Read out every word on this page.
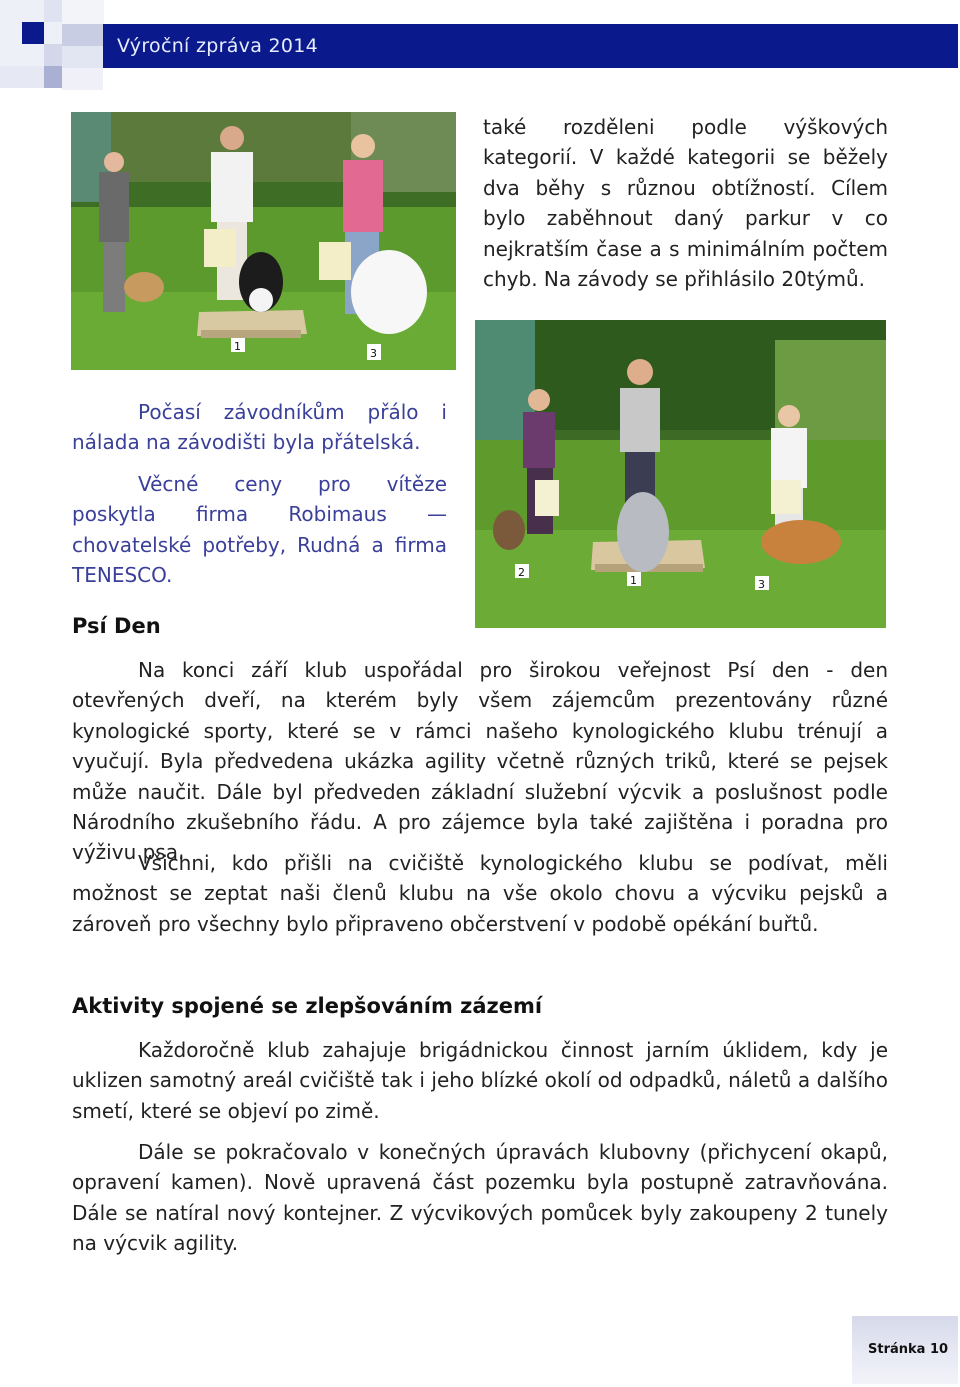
Výroční zpráva 2014
1
3

také rozděleni podle výškových kategorií. V každé kategorii se běžely dva běhy s různou obtížností. Cílem bylo zaběhnout daný parkur v co nejkratším čase a s minimálním počtem chyb. Na závody se přihlásilo 20týmů.

Počasí závodníkům přálo i nálada na závodišti byla přátelská.

Věcné ceny pro vítěze poskytla firma Robimaus — chovatelské potřeby, Rudná a firma TENESCO.	2
1	3
Psí Den

Na konci září klub uspořádal pro širokou veřejnost Psí den - den otevřených dveří, na kterém byly všem zájemcům prezentovány různé kynologické sporty, které se v rámci našeho kynologického klubu trénují a vyučují. Byla předvedena ukázka agility včetně různých triků, které se pejsek může naučit. Dále byl předveden základní služební výcvik a poslušnost podle Národního zkušebního řádu. A pro zájemce byla také zajištěna i poradna pro výživu psa.

Všichni, kdo přišli na cvičiště kynologického klubu se podívat, měli možnost se zeptat naši členů klubu na vše okolo chovu a výcviku pejsků a zároveň pro všechny bylo připraveno občerstvení v podobě opékání buřtů.

Aktivity spojené se zlepšováním zázemí

Každoročně klub zahajuje brigádnickou činnost jarním úklidem, kdy je uklizen samotný areál cvičiště tak i jeho blízké okolí od odpadků, náletů a dalšího smetí, které se objeví po zimě.

Dále se pokračovalo v konečných úpravách klubovny (přichycení okapů, opravení kamen). Nově upravená část pozemku byla postupně zatravňována. Dále se natíral nový kontejner. Z výcvikových pomůcek byly zakoupeny 2 tunely na výcvik agility.

Stránka 10
